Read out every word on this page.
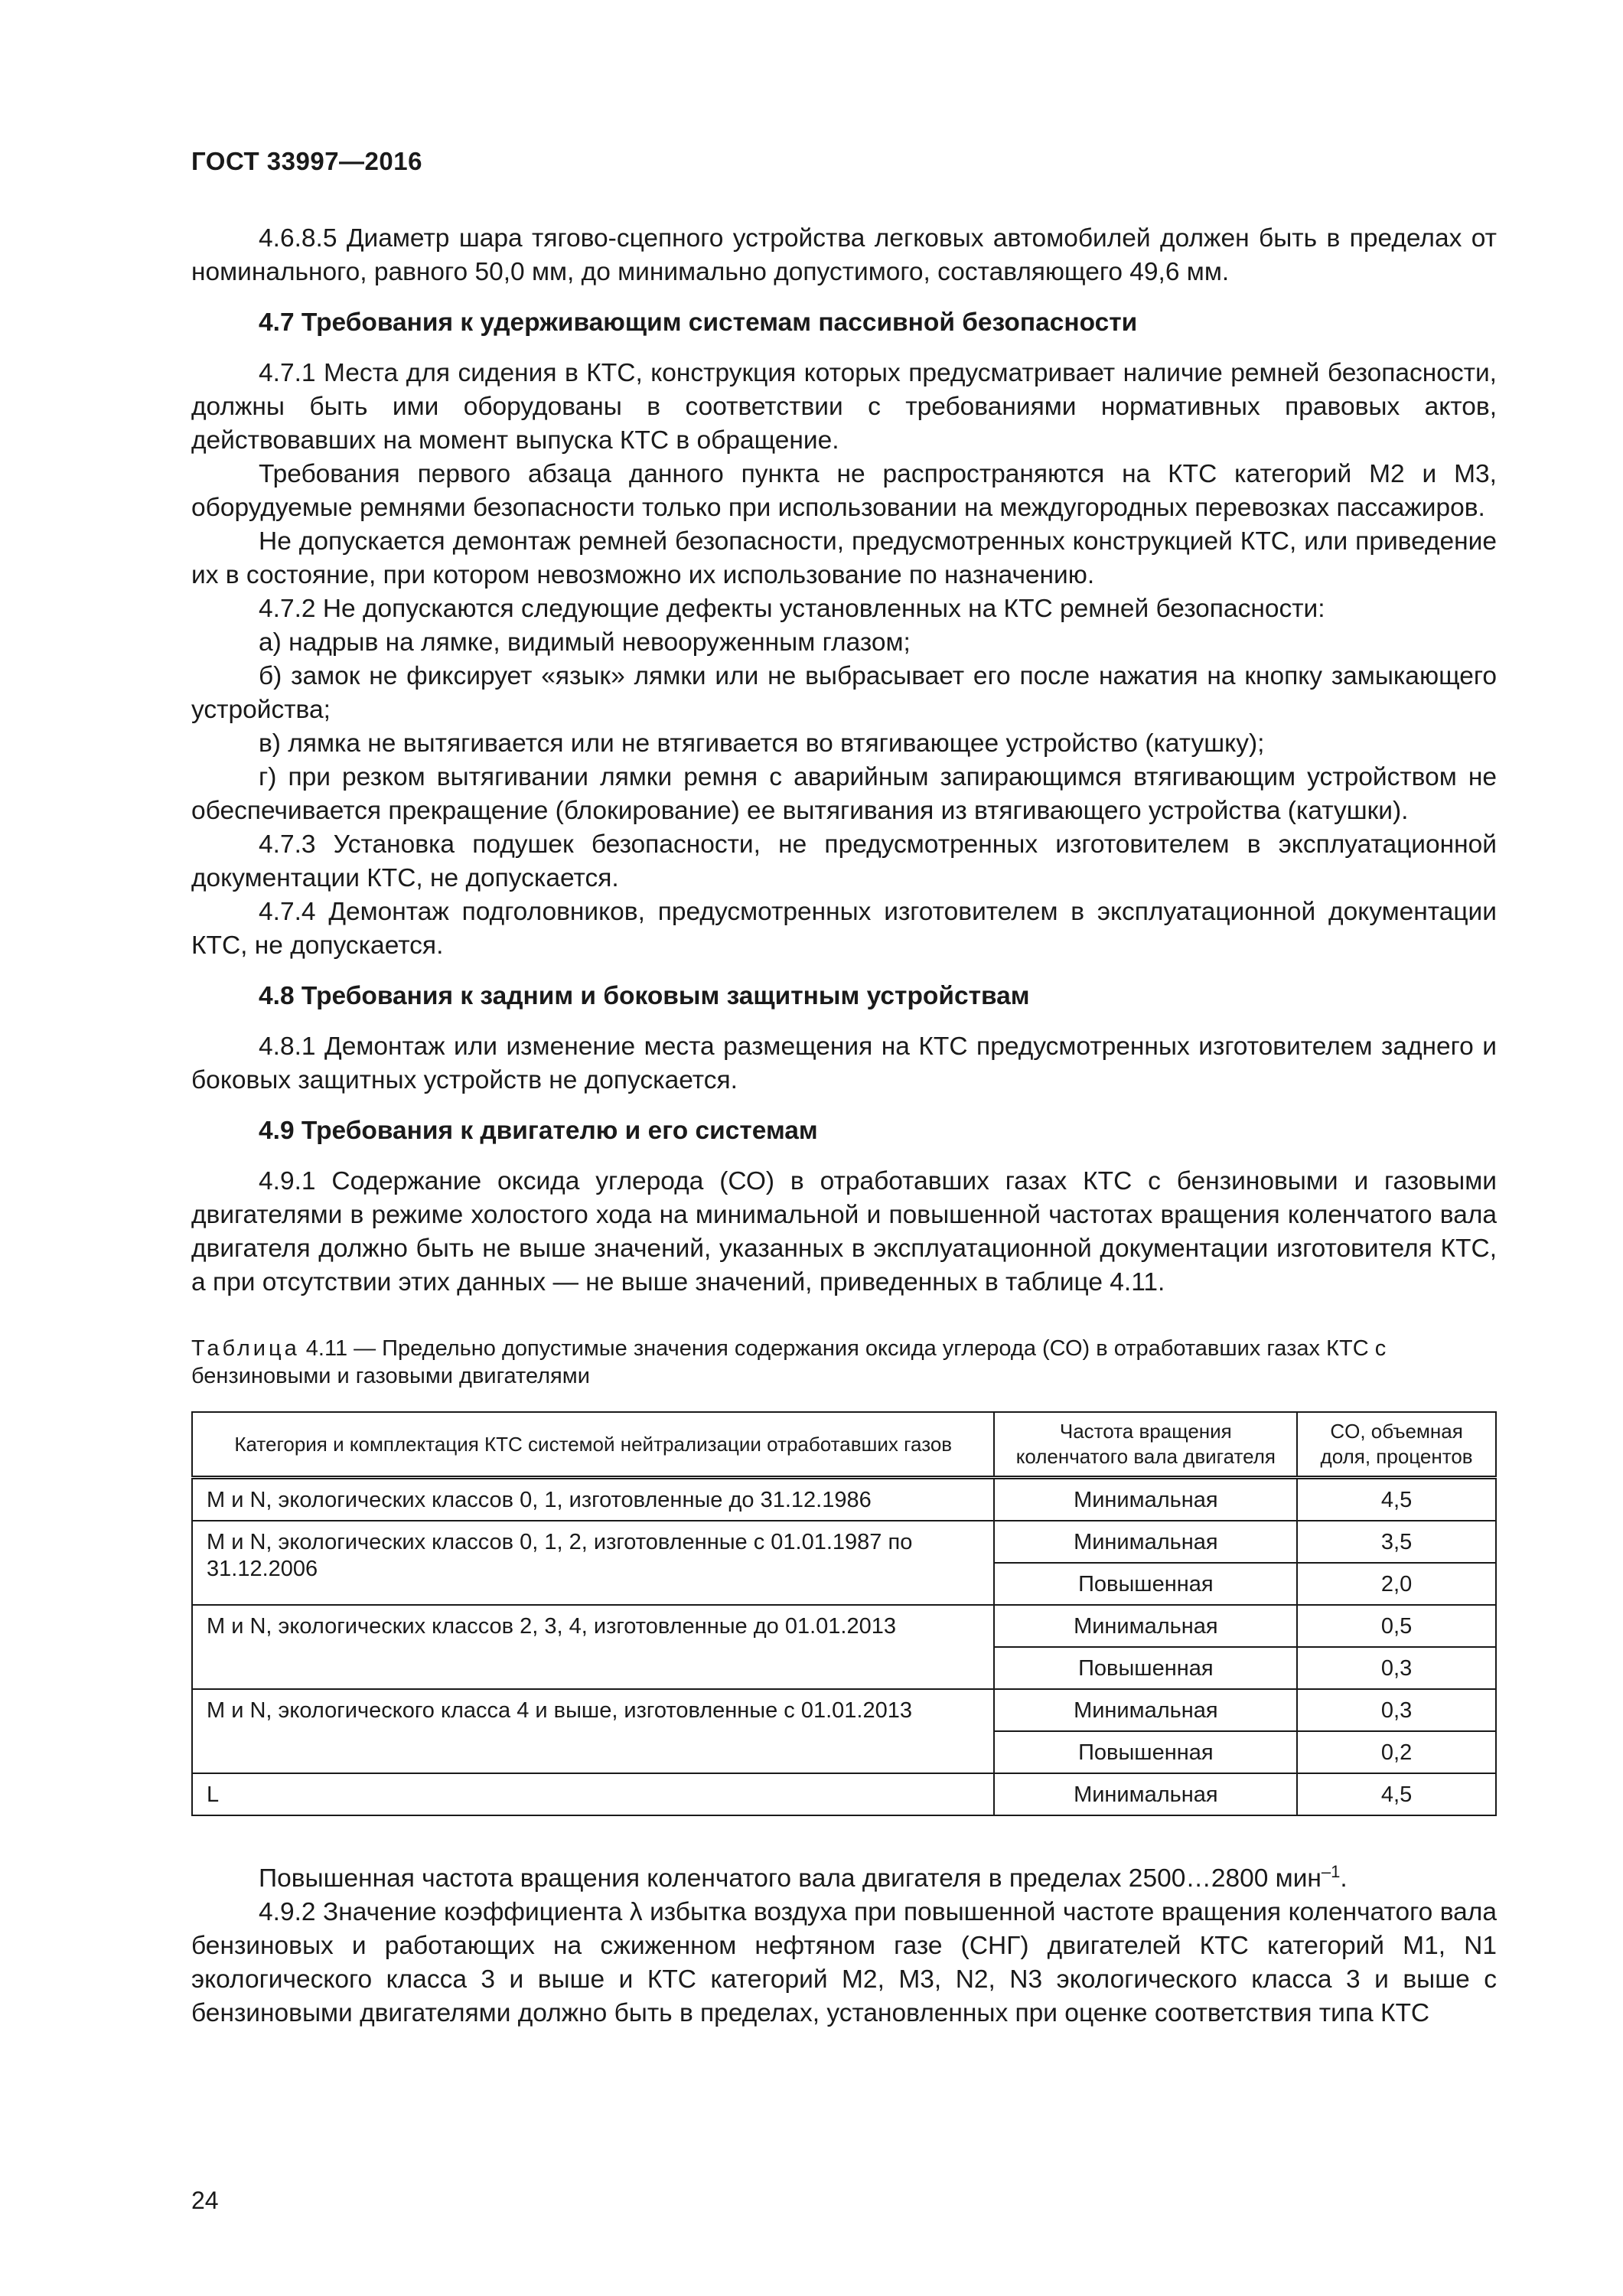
ГОСТ 33997—2016

4.6.8.5 Диаметр шара тягово-сцепного устройства легковых автомобилей должен быть в пределах от номинального, равного 50,0 мм, до минимально допустимого, составляющего 49,6 мм.

4.7 Требования к удерживающим системам пассивной безопасности

4.7.1 Места для сидения в КТС, конструкция которых предусматривает наличие ремней безопасности, должны быть ими оборудованы в соответствии с требованиями нормативных правовых актов, действовавших на момент выпуска КТС в обращение.

Требования первого абзаца данного пункта не распространяются на КТС категорий M2 и M3, оборудуемые ремнями безопасности только при использовании на междугородных перевозках пассажиров.

Не допускается демонтаж ремней безопасности, предусмотренных конструкцией КТС, или приведение их в состояние, при котором невозможно их использование по назначению.

4.7.2 Не допускаются следующие дефекты установленных на КТС ремней безопасности:

а) надрыв на лямке, видимый невооруженным глазом;

б) замок не фиксирует «язык» лямки или не выбрасывает его после нажатия на кнопку замыкающего устройства;

в) лямка не вытягивается или не втягивается во втягивающее устройство (катушку);

г) при резком вытягивании лямки ремня с аварийным запирающимся втягивающим устройством не обеспечивается прекращение (блокирование) ее вытягивания из втягивающего устройства (катушки).

4.7.3 Установка подушек безопасности, не предусмотренных изготовителем в эксплуатационной документации КТС, не допускается.

4.7.4 Демонтаж подголовников, предусмотренных изготовителем в эксплуатационной документации КТС, не допускается.

4.8 Требования к задним и боковым защитным устройствам

4.8.1 Демонтаж или изменение места размещения на КТС предусмотренных изготовителем заднего и боковых защитных устройств не допускается.

4.9 Требования к двигателю и его системам

4.9.1 Содержание оксида углерода (СО) в отработавших газах КТС с бензиновыми и газовыми двигателями в режиме холостого хода на минимальной и повышенной частотах вращения коленчатого вала двигателя должно быть не выше значений, указанных в эксплуатационной документации изготовителя КТС, а при отсутствии этих данных — не выше значений, приведенных в таблице 4.11.

Таблица 4.11 — Предельно допустимые значения содержания оксида углерода (СО) в отработавших газах КТС с бензиновыми и газовыми двигателями

Категория и комплектация КТС системой нейтрализации отработавших газов	Частота вращения коленчатого вала двигателя	CO, объемная доля, процентов
M и N, экологических классов 0, 1, изготовленные до 31.12.1986	Минимальная	4,5
M и N, экологических классов 0, 1, 2, изготовленные с 01.01.1987 по 31.12.2006	Минимальная	3,5
	Повышенная	2,0
M и N, экологических классов 2, 3, 4, изготовленные до 01.01.2013	Минимальная	0,5
	Повышенная	0,3
M и N, экологического класса 4 и выше, изготовленные с 01.01.2013	Минимальная	0,3
	Повышенная	0,2
L	Минимальная	4,5

Повышенная частота вращения коленчатого вала двигателя в пределах 2500…2800 мин$^{-1}$.

4.9.2 Значение коэффициента λ избытка воздуха при повышенной частоте вращения коленчатого вала бензиновых и работающих на сжиженном нефтяном газе (СНГ) двигателей КТС категорий M1, N1 экологического класса 3 и выше и КТС категорий M2, M3, N2, N3 экологического класса 3 и выше с бензиновыми двигателями должно быть в пределах, установленных при оценке соответствия типа КТС

24
